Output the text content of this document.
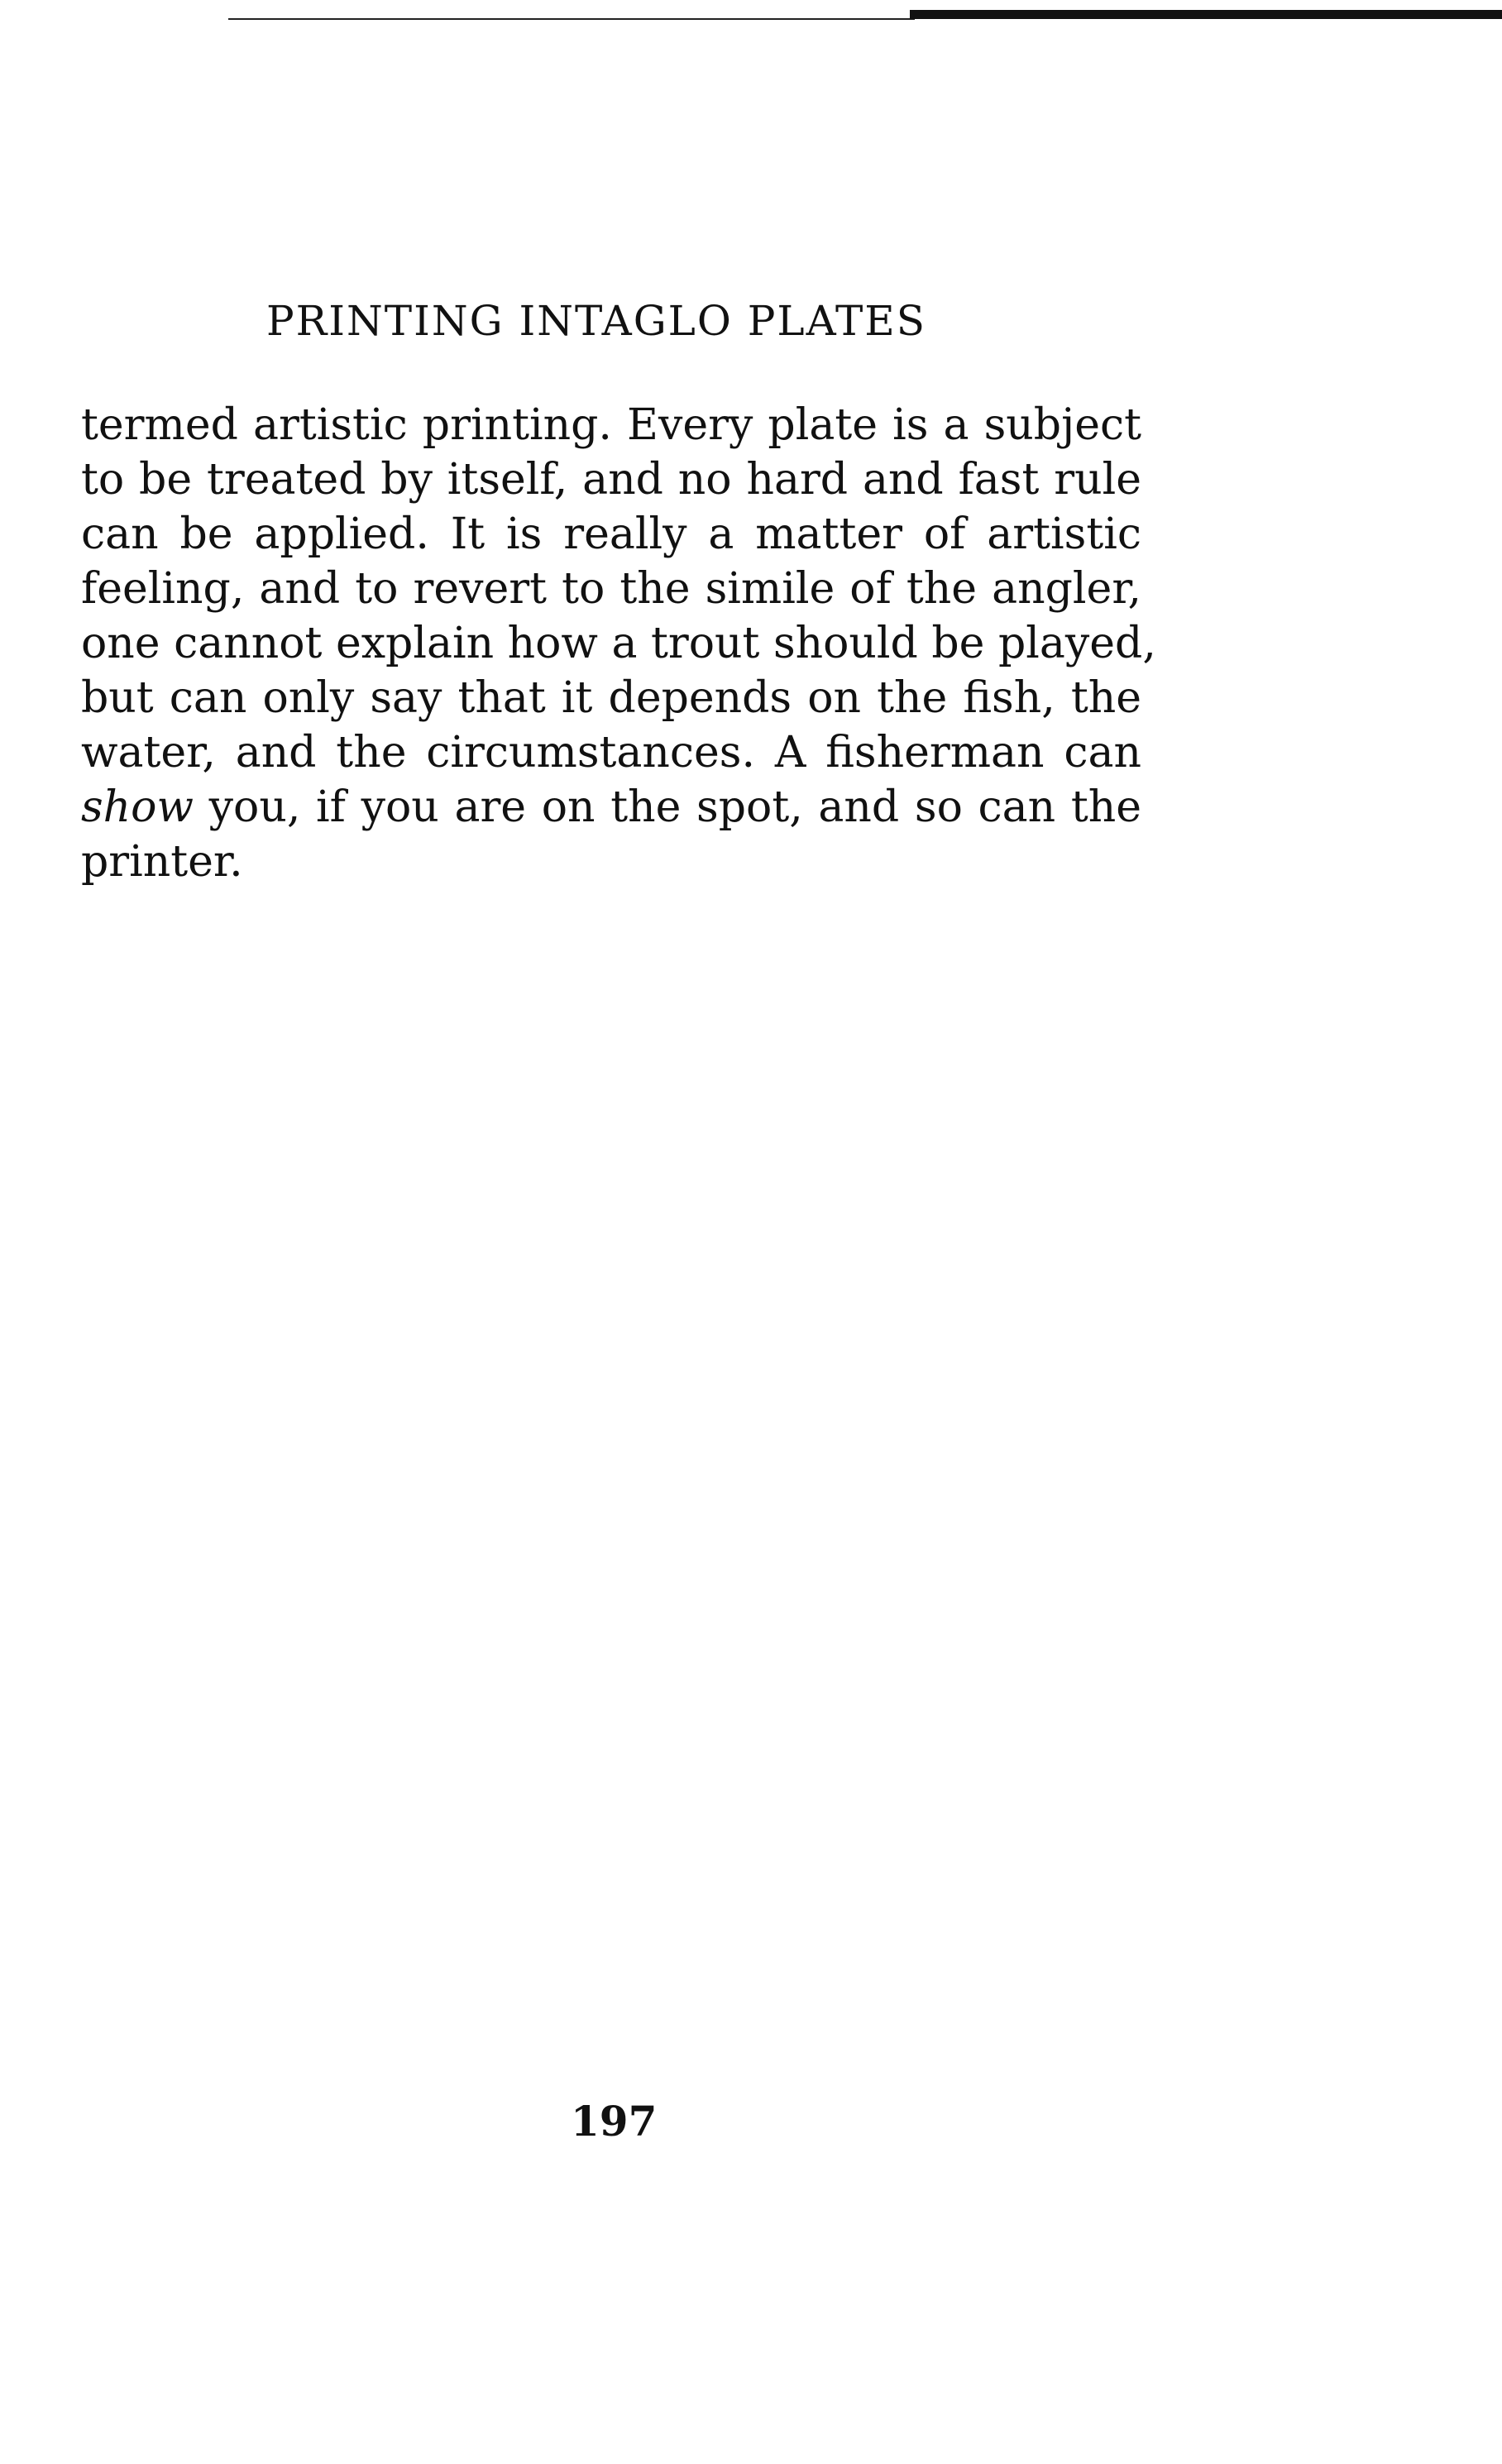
PRINTING INTAGLO PLATES
termed artistic printing. Every plate is a subject
to be treated by itself, and no hard and fast rule
can be applied. It is really a matter of artistic
feeling, and to revert to the simile of the angler,
one cannot explain how a trout should be played,
but can only say that it depends on the fish, the
water, and the circumstances. A fisherman can
show you, if you are on the spot, and so can the
printer.
197
